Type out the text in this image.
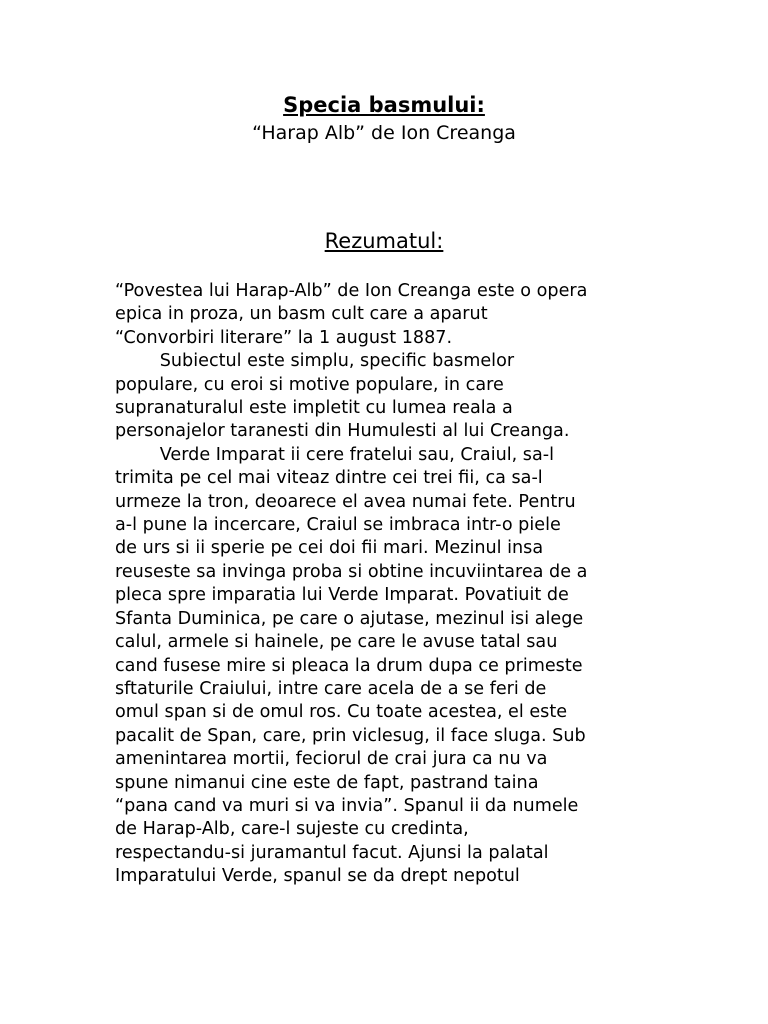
Specia basmului:
“Harap Alb” de Ion Creanga
Rezumatul:
“Povestea lui Harap-Alb” de Ion Creanga este o opera
epica in proza, un basm cult care a aparut
“Convorbiri literare” la 1 august 1887.
Subiectul este simplu, specific basmelor
populare, cu eroi si motive populare, in care
supranaturalul este impletit cu lumea reala a
personajelor taranesti din Humulesti al lui Creanga.
Verde Imparat ii cere fratelui sau, Craiul, sa-l
trimita pe cel mai viteaz dintre cei trei fii, ca sa-l
urmeze la tron, deoarece el avea numai fete. Pentru
a-l pune la incercare, Craiul se imbraca intr-o piele
de urs si ii sperie pe cei doi fii mari. Mezinul insa
reuseste sa invinga proba si obtine incuviintarea de a
pleca spre imparatia lui Verde Imparat. Povatiuit de
Sfanta Duminica, pe care o ajutase, mezinul isi alege
calul, armele si hainele, pe care le avuse tatal sau
cand fusese mire si pleaca la drum dupa ce primeste
sftaturile Craiului, intre care acela de a se feri de
omul span si de omul ros. Cu toate acestea, el este
pacalit de Span, care, prin viclesug, il face sluga. Sub
amenintarea mortii, feciorul de crai jura ca nu va
spune nimanui cine este de fapt, pastrand taina
“pana cand va muri si va invia”. Spanul ii da numele
de Harap-Alb, care-l sujeste cu credinta,
respectandu-si juramantul facut. Ajunsi la palatal
Imparatului Verde, spanul se da drept nepotul
